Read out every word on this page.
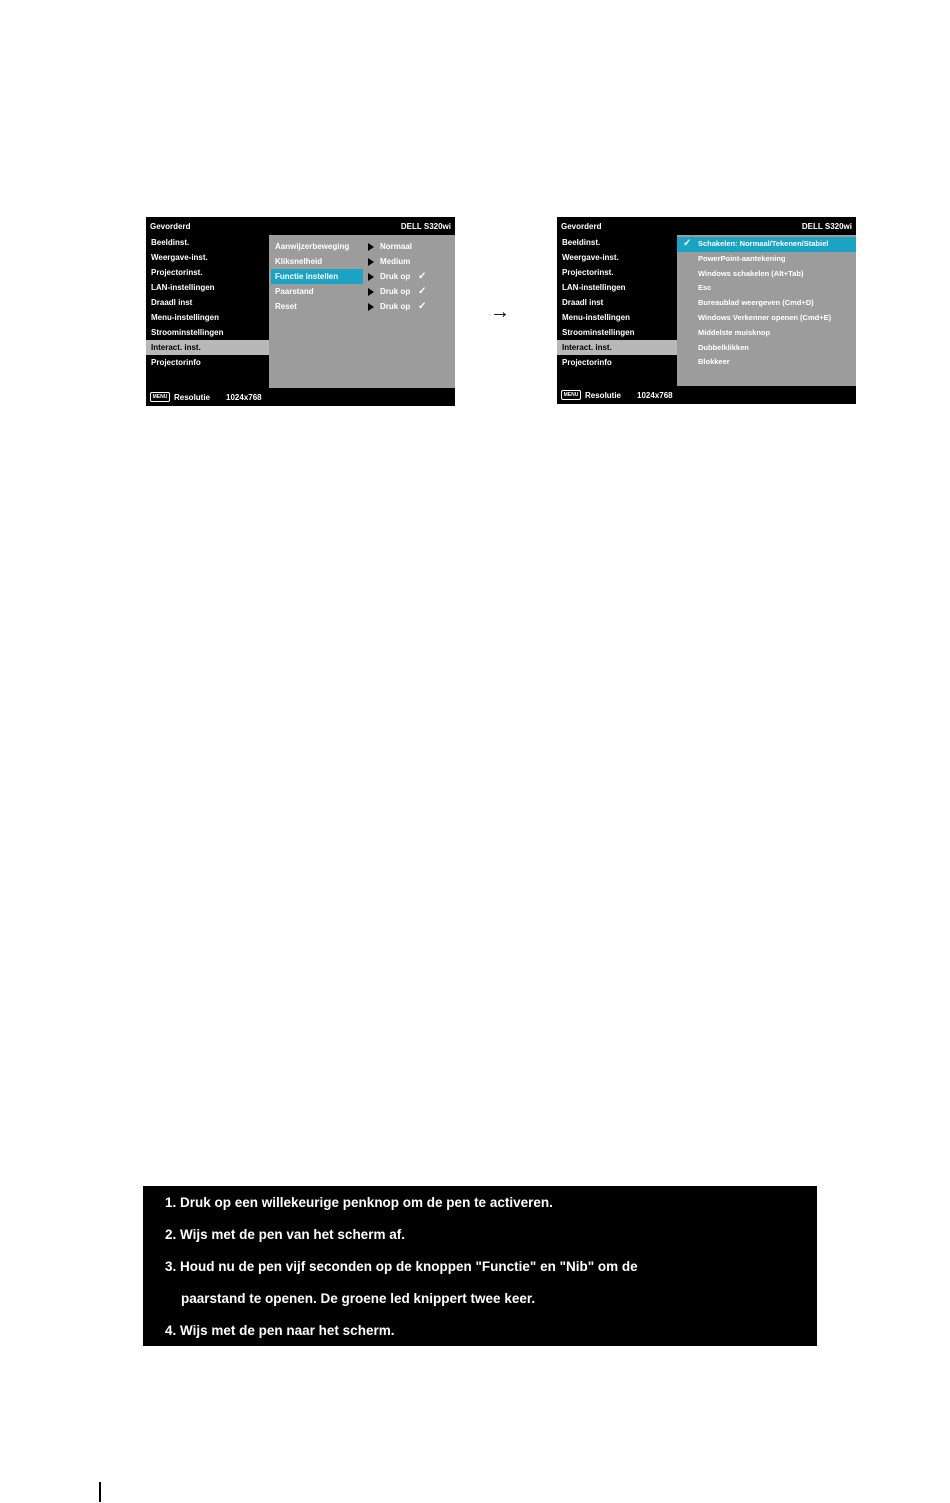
Gevorderd	DELL S320wi
Beeldinst.
Weergave-inst.
Projectorinst.
LAN-instellingen
Draadl inst
Menu-instellingen
Stroominstellingen
Interact. inst.
Projectorinfo
Aanwijzerbeweging	Normaal
Kliksnelheid	Medium
Functie instellen	Druk op ✓
Paarstand	Druk op ✓
Reset	Druk op ✓
MENU Resolutie 1024x768
→
Gevorderd	DELL S320wi
Beeldinst.
Weergave-inst.
Projectorinst.
LAN-instellingen
Draadl inst
Menu-instellingen
Stroominstellingen
Interact. inst.
Projectorinfo
✓ Schakelen: Normaal/Tekenen/Stabiel
PowerPoint-aantekening
Windows schakelen (Alt+Tab)
Esc
Bureaublad weergeven (Cmd+D)
Windows Verkenner openen (Cmd+E)
Middelste muisknop
Dubbelklikken
Blokkeer
MENU Resolutie 1024x768
1. Druk op een willekeurige penknop om de pen te activeren.
2. Wijs met de pen van het scherm af.
3. Houd nu de pen vijf seconden op de knoppen "Functie" en "Nib" om de
paarstand te openen. De groene led knippert twee keer.
4. Wijs met de pen naar het scherm.
